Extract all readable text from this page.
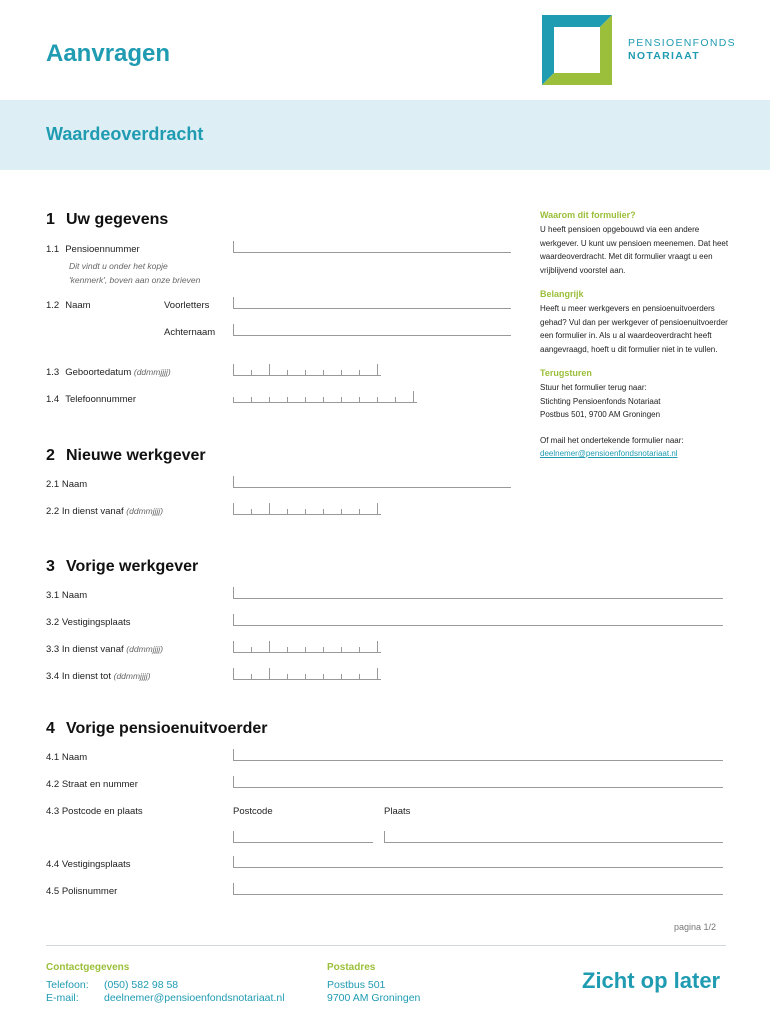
Aanvragen	PENSIOENFONDS
NOTARIAAT
Waardeoverdracht
1 Uw gegevens
1.1 Pensioennummer
Dit vindt u onder het kopje
'kenmerk', boven aan onze brieven
1.2 Naam	Voorletters
Achternaam
1.3 Geboortedatum (ddmmjjjj)
1.4 Telefoonnummer
2 Nieuwe werkgever
2.1 Naam
2.2 In dienst vanaf (ddmmjjjj)
3 Vorige werkgever
3.1 Naam
3.2 Vestigingsplaats
3.3 In dienst vanaf (ddmmjjjj)
3.4 In dienst tot (ddmmjjjj)
4 Vorige pensioenuitvoerder
4.1 Naam
4.2 Straat en nummer
4.3 Postcode en plaats	Postcode	Plaats
4.4 Vestigingsplaats
4.5 Polisnummer
Waarom dit formulier?
U heeft pensioen opgebouwd via een andere werkgever. U kunt uw pensioen meenemen. Dat heet waardeoverdracht. Met dit formulier vraagt u een vrijblijvend voorstel aan.
Belangrijk
Heeft u meer werkgevers en pensioenuitvoerders gehad? Vul dan per werkgever of pensioenuitvoerder een formulier in. Als u al waardeoverdracht heeft aangevraagd, hoeft u dit formulier niet in te vullen.
Terugsturen
Stuur het formulier terug naar:
Stichting Pensioenfonds Notariaat
Postbus 501, 9700 AM Groningen
Of mail het ondertekende formulier naar:
deelnemer@pensioenfondsnotariaat.nl
pagina 1/2
Contactgegevens
Telefoon: (050) 582 98 58
E-mail: deelnemer@pensioenfondsnotariaat.nl
Postadres
Postbus 501
9700 AM Groningen
Zicht op later
